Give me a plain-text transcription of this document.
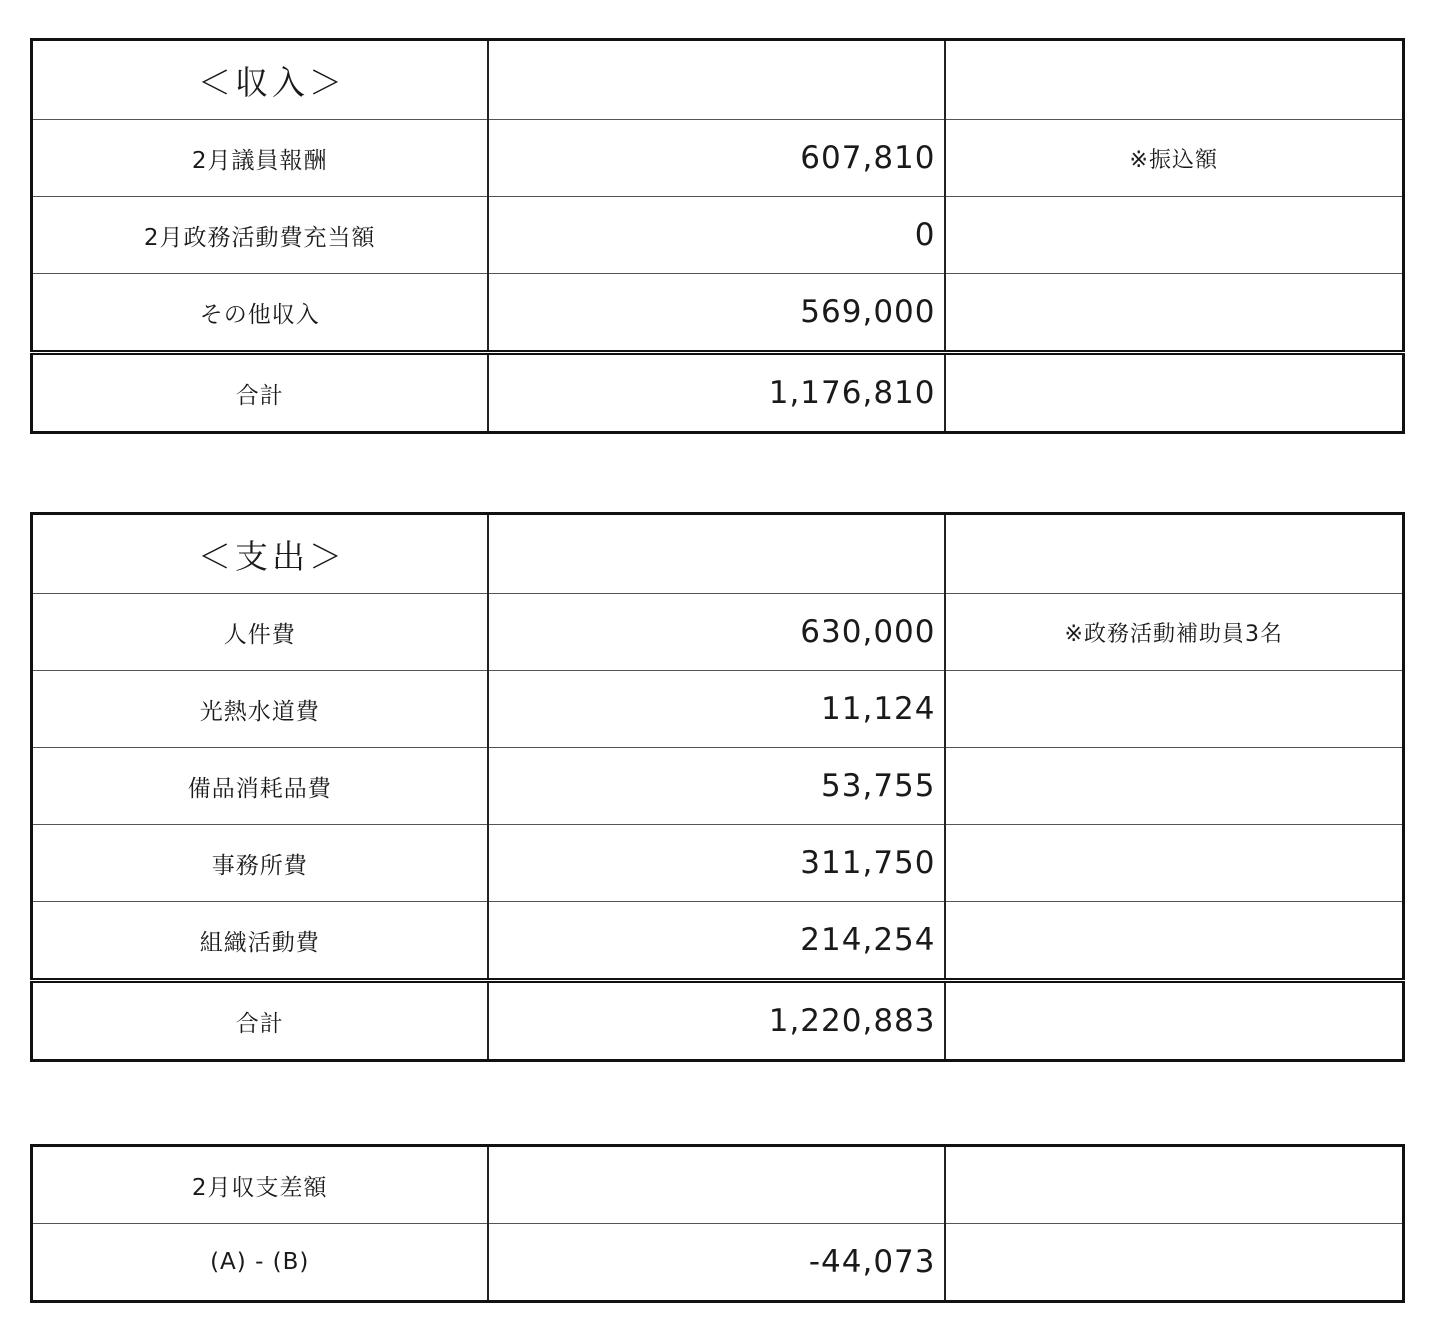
＜収入＞		
2月議員報酬	607,810	※振込額
2月政務活動費充当額	0	
その他収入	569,000	
合計	1,176,810	
＜支出＞		
人件費	630,000	※政務活動補助員3名
光熱水道費	11,124	
備品消耗品費	53,755	
事務所費	311,750	
組織活動費	214,254	
合計	1,220,883	
2月収支差額		
(A) - (B)	-44,073	
